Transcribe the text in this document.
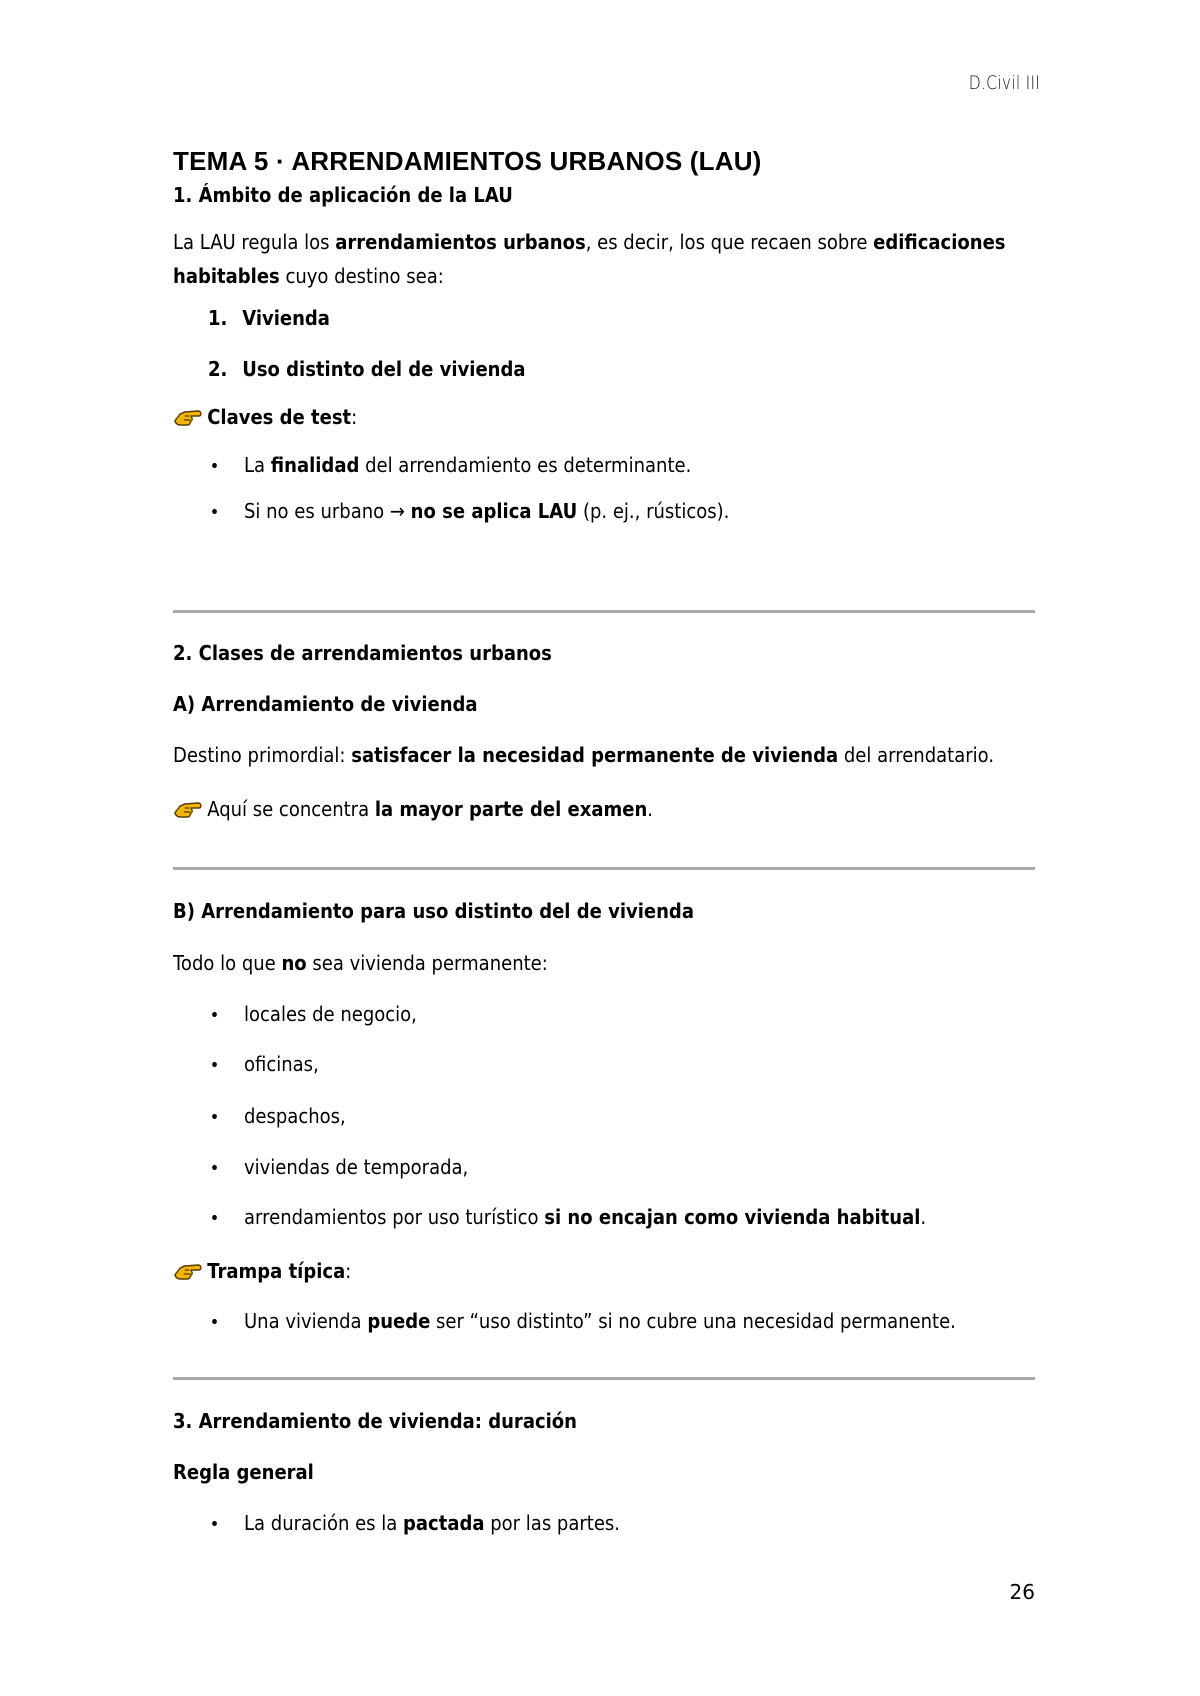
D.Civil III
TEMA 5 · ARRENDAMIENTOS URBANOS (LAU)
1. Ámbito de aplicación de la LAU
La LAU regula los arrendamientos urbanos, es decir, los que recaen sobre edificaciones
habitables cuyo destino sea:
1. Vivienda
2. Uso distinto del de vivienda
Claves de test:
• La finalidad del arrendamiento es determinante.
• Si no es urbano → no se aplica LAU (p. ej., rústicos).
2. Clases de arrendamientos urbanos
A) Arrendamiento de vivienda
Destino primordial: satisfacer la necesidad permanente de vivienda del arrendatario.
Aquí se concentra la mayor parte del examen.
B) Arrendamiento para uso distinto del de vivienda
Todo lo que no sea vivienda permanente:
• locales de negocio,
• oficinas,
• despachos,
• viviendas de temporada,
• arrendamientos por uso turístico si no encajan como vivienda habitual.
Trampa típica:
• Una vivienda puede ser “uso distinto” si no cubre una necesidad permanente.
3. Arrendamiento de vivienda: duración
Regla general
• La duración es la pactada por las partes.
26
